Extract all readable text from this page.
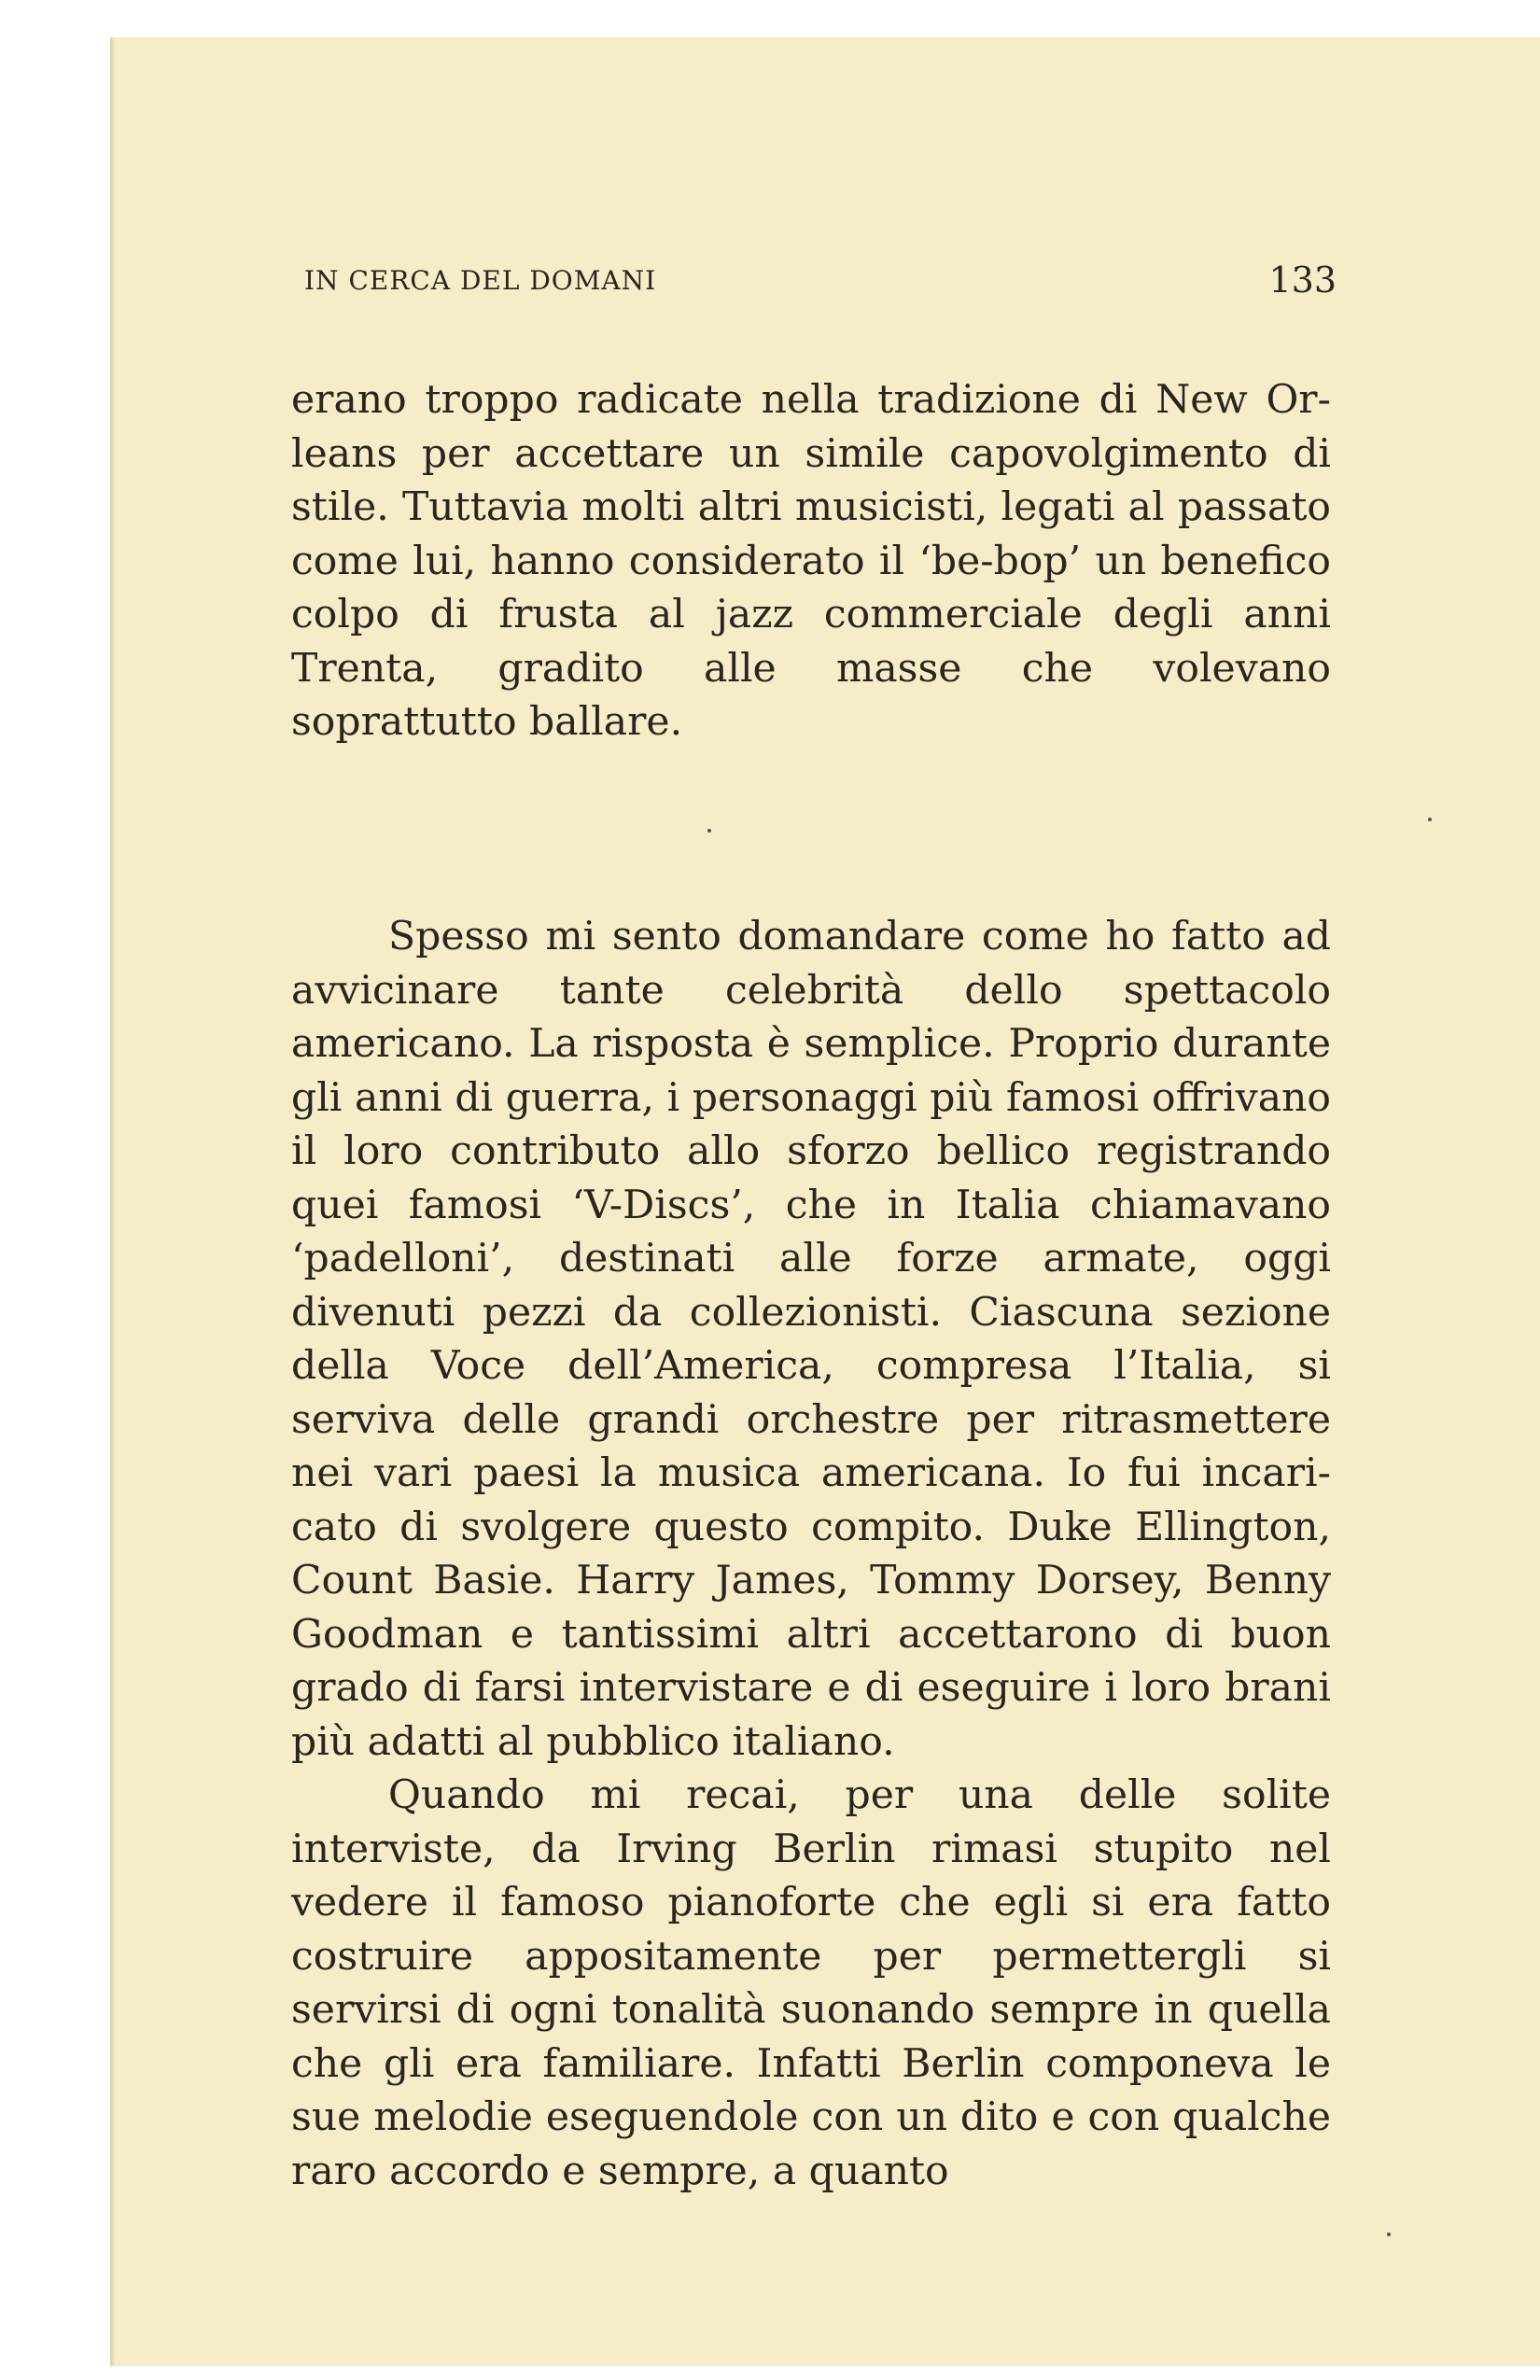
IN CERCA DEL DOMANI	133

erano troppo radicate nella tradizione di New Orleans per accettare un simile capovolgimento di stile. Tuttavia molti altri musicisti, legati al passato come lui, hanno considerato il ‘be-bop’ un benefico colpo di frusta al jazz commerciale degli anni Trenta, gradito alle masse che volevano soprattutto ballare.

Spesso mi sento domandare come ho fatto ad avvicinare tante celebrità dello spettacolo americano. La risposta è semplice. Proprio durante gli anni di guerra, i personaggi più famosi offrivano il loro contributo allo sforzo bellico registrando quei famosi ‘V-Discs’, che in Italia chiamavano ‘padelloni’, destinati alle forze armate, oggi divenuti pezzi da collezionisti. Ciascuna sezione della Voce dell’America, compresa l’Italia, si serviva delle grandi orchestre per ritrasmettere nei vari paesi la musica americana. Io fui incaricato di svolgere questo compito. Duke Ellington, Count Basie. Harry James, Tommy Dorsey, Benny Goodman e tantissimi altri accettarono di buon grado di farsi intervistare e di eseguire i loro brani più adatti al pubblico italiano.

Quando mi recai, per una delle solite interviste, da Irving Berlin rimasi stupito nel vedere il famoso pianoforte che egli si era fatto costruire appositamente per permettergli si servirsi di ogni tonalità suonando sempre in quella che gli era familiare. Infatti Berlin componeva le sue melodie eseguendole con un dito e con qualche raro accordo e sempre, a quanto
